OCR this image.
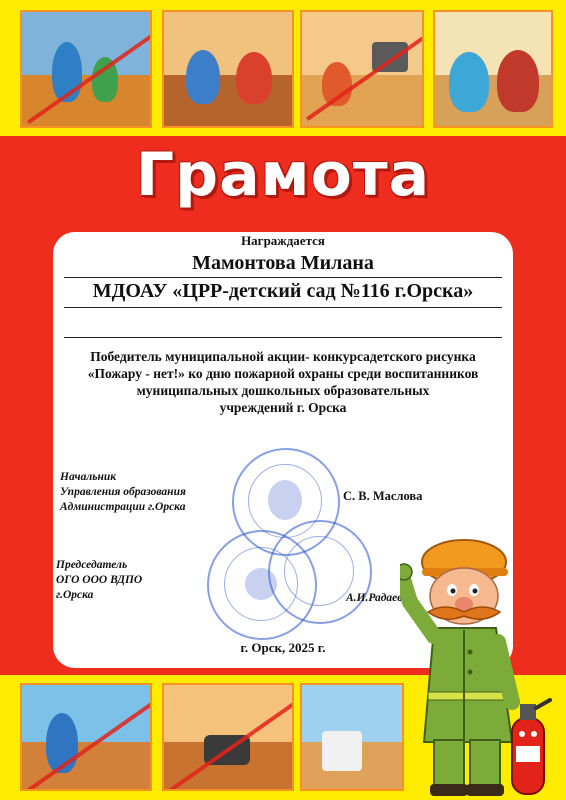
Грамота
Награждается
Мамонтова Милана
МДОАУ «ЦРР-детский сад №116 г.Орска»
Победитель муниципальной акции- конкурсадетского рисунка
«Пожару - нет!» ко дню пожарной охраны среди воспитанников
муниципальных дошкольных образовательных
учреждений г. Орска
Начальник
Управления образования
Администрации г.Орска
С. В. Маслова
Председатель
ОГО ООО ВДПО
г.Орска	А.И.Радаев
г. Орск, 2025 г.
